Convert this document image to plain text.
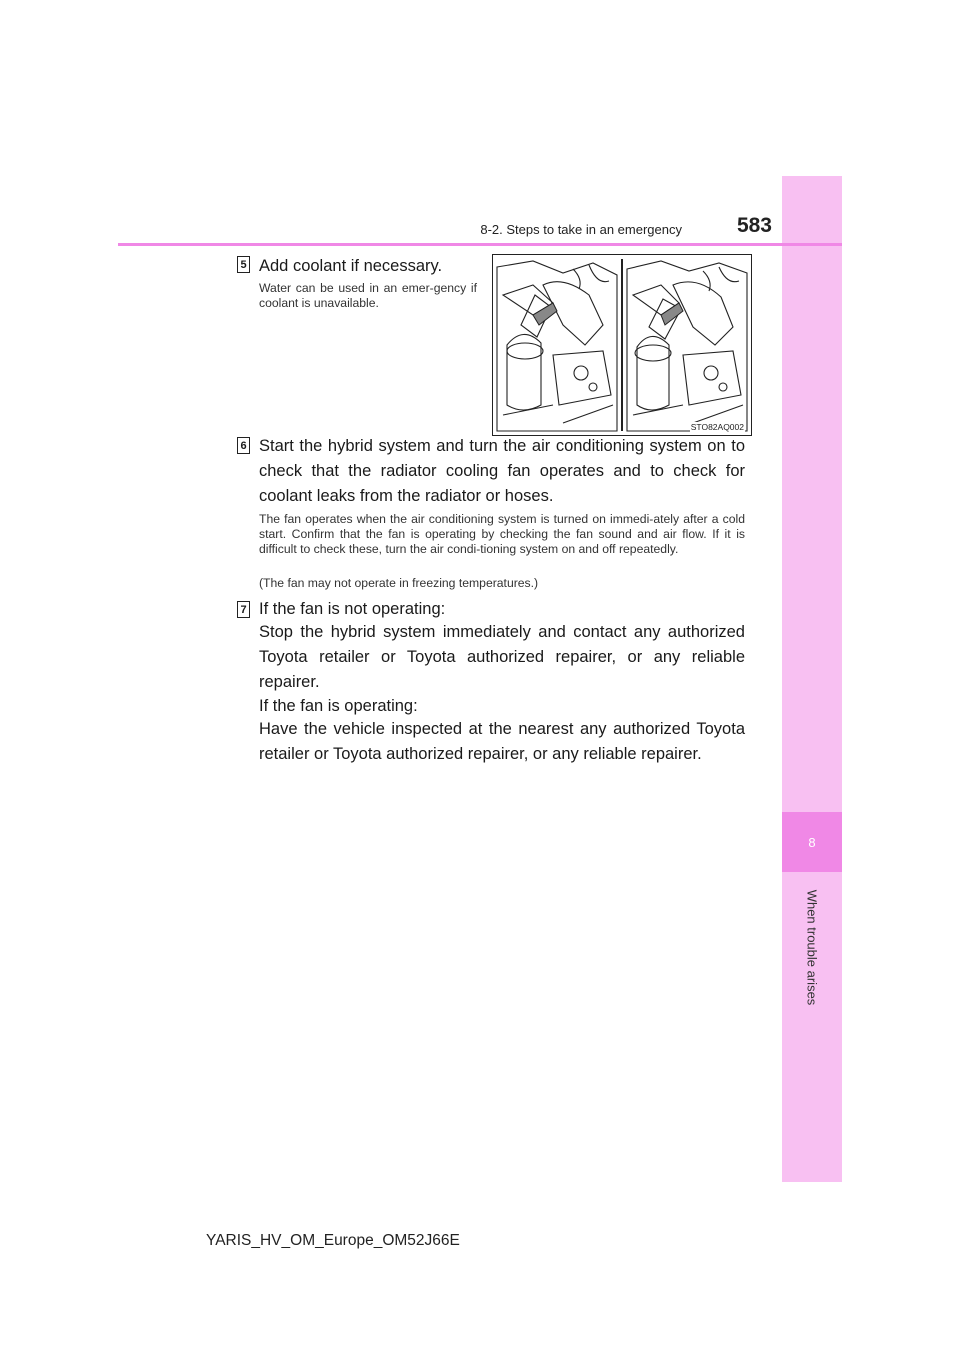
8
When trouble arises
8-2. Steps to take in an emergency	583
5 Add coolant if necessary.
Water can be used in an emer-gency if coolant is unavailable.
STO82AQ002
6 Start the hybrid system and turn the air conditioning system on to check that the radiator cooling fan operates and to check for coolant leaks from the radiator or hoses.
The fan operates when the air conditioning system is turned on immedi-ately after a cold start. Confirm that the fan is operating by checking the fan sound and air flow. If it is difficult to check these, turn the air condi-tioning system on and off repeatedly.
(The fan may not operate in freezing temperatures.)
7 If the fan is not operating:
Stop the hybrid system immediately and contact any authorized Toyota retailer or Toyota authorized repairer, or any reliable repairer.
If the fan is operating:
Have the vehicle inspected at the nearest any authorized Toyota retailer or Toyota authorized repairer, or any reliable repairer.
YARIS_HV_OM_Europe_OM52J66E
